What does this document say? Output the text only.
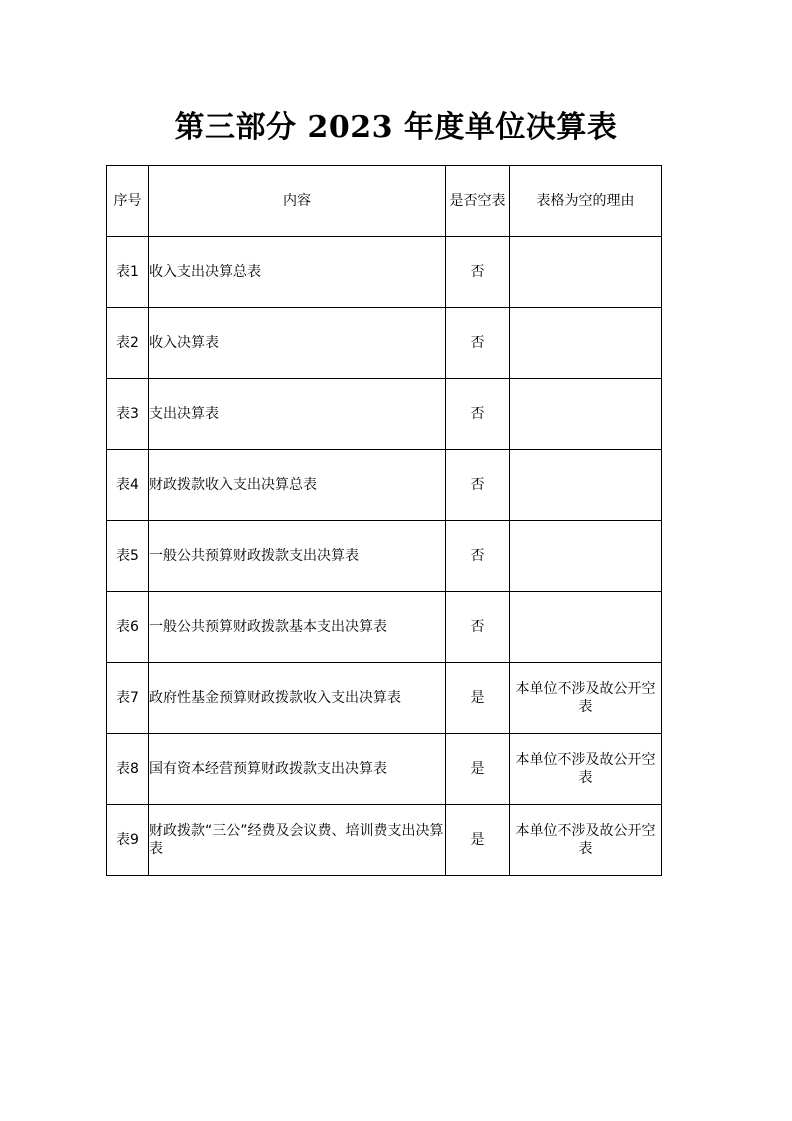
第三部分 2023 年度单位决算表
序号	内容	是否空表	表格为空的理由
表1	收入支出决算总表	否	
表2	收入决算表	否	
表3	支出决算表	否	
表4	财政拨款收入支出决算总表	否	
表5	一般公共预算财政拨款支出决算表	否	
表6	一般公共预算财政拨款基本支出决算表	否	
表7	政府性基金预算财政拨款收入支出决算表	是	本单位不涉及故公开空表
表8	国有资本经营预算财政拨款支出决算表	是	本单位不涉及故公开空表
表9	财政拨款“三公”经费及会议费、培训费支出决算表	是	本单位不涉及故公开空表
